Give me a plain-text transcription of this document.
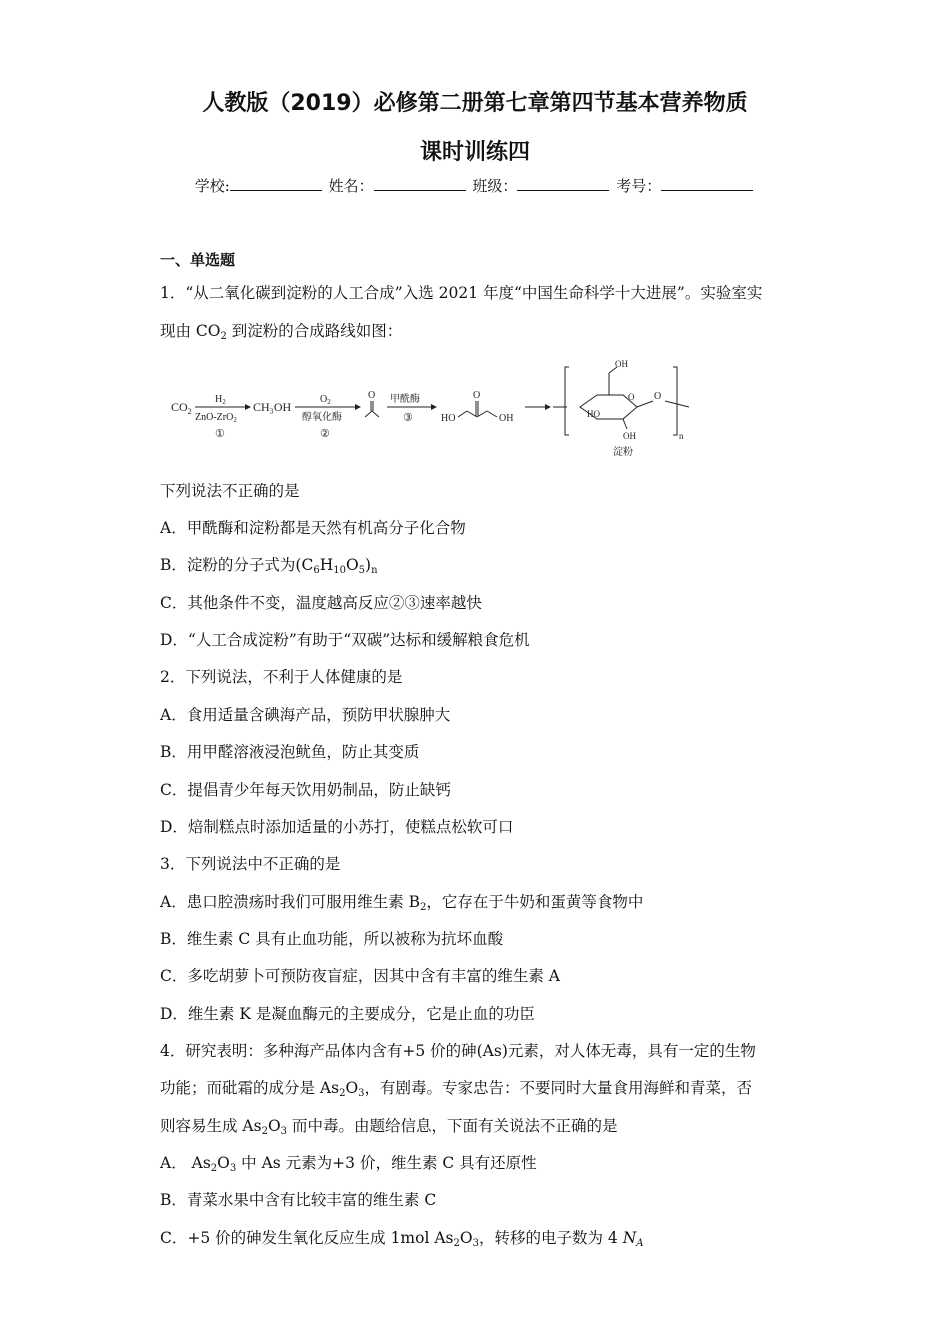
人教版（2019）必修第二册第七章第四节基本营养物质
课时训练四
学校:	姓名：	班级：	考号：
一、单选题
1．“从二氧化碳到淀粉的人工合成”入选 2021 年度“中国生命科学十大进展”。实验室实
现由 $CO_2$ 到淀粉的合成路线如图：
$CO_2$
$H_2$
ZnO-ZrO$_2$
①
CH₃OH
$O_2$
醇氧化酶
②
O 甲酰酶
③	HO
O
OH
OH
HO
OH
O O
n
淀粉
下列说法不正确的是
A．甲酰酶和淀粉都是天然有机高分子化合物
B．淀粉的分子式为$(C_6H_{10}O_5)_n$
C．其他条件不变，温度越高反应②③速率越快
D．“人工合成淀粉”有助于“双碳”达标和缓解粮食危机
2．下列说法，不利于人体健康的是
A．食用适量含碘海产品，预防甲状腺肿大
B．用甲醛溶液浸泡鱿鱼，防止其变质
C．提倡青少年每天饮用奶制品，防止缺钙
D．焙制糕点时添加适量的小苏打，使糕点松软可口
3．下列说法中不正确的是
A．患口腔溃疡时我们可服用维生素 $B_2$，它存在于牛奶和蛋黄等食物中
B．维生素 C 具有止血功能，所以被称为抗坏血酸
C．多吃胡萝卜可预防夜盲症，因其中含有丰富的维生素 A
D．维生素 K 是凝血酶元的主要成分，它是止血的功臣
4．研究表明：多种海产品体内含有+5 价的砷(As)元素，对人体无毒，具有一定的生物
功能；而砒霜的成分是 $As_2O_3$，有剧毒。专家忠告：不要同时大量食用海鲜和青菜，否
则容易生成 $As_2O_3$ 而中毒。由题给信息，下面有关说法不正确的是
A． $As_2O_3$ 中 As 元素为+3 价，维生素 C 具有还原性
B．青菜水果中含有比较丰富的维生素 C
C．+5 价的砷发生氧化反应生成 1mol $As_2O_3$，转移的电子数为 4 $N_A$
